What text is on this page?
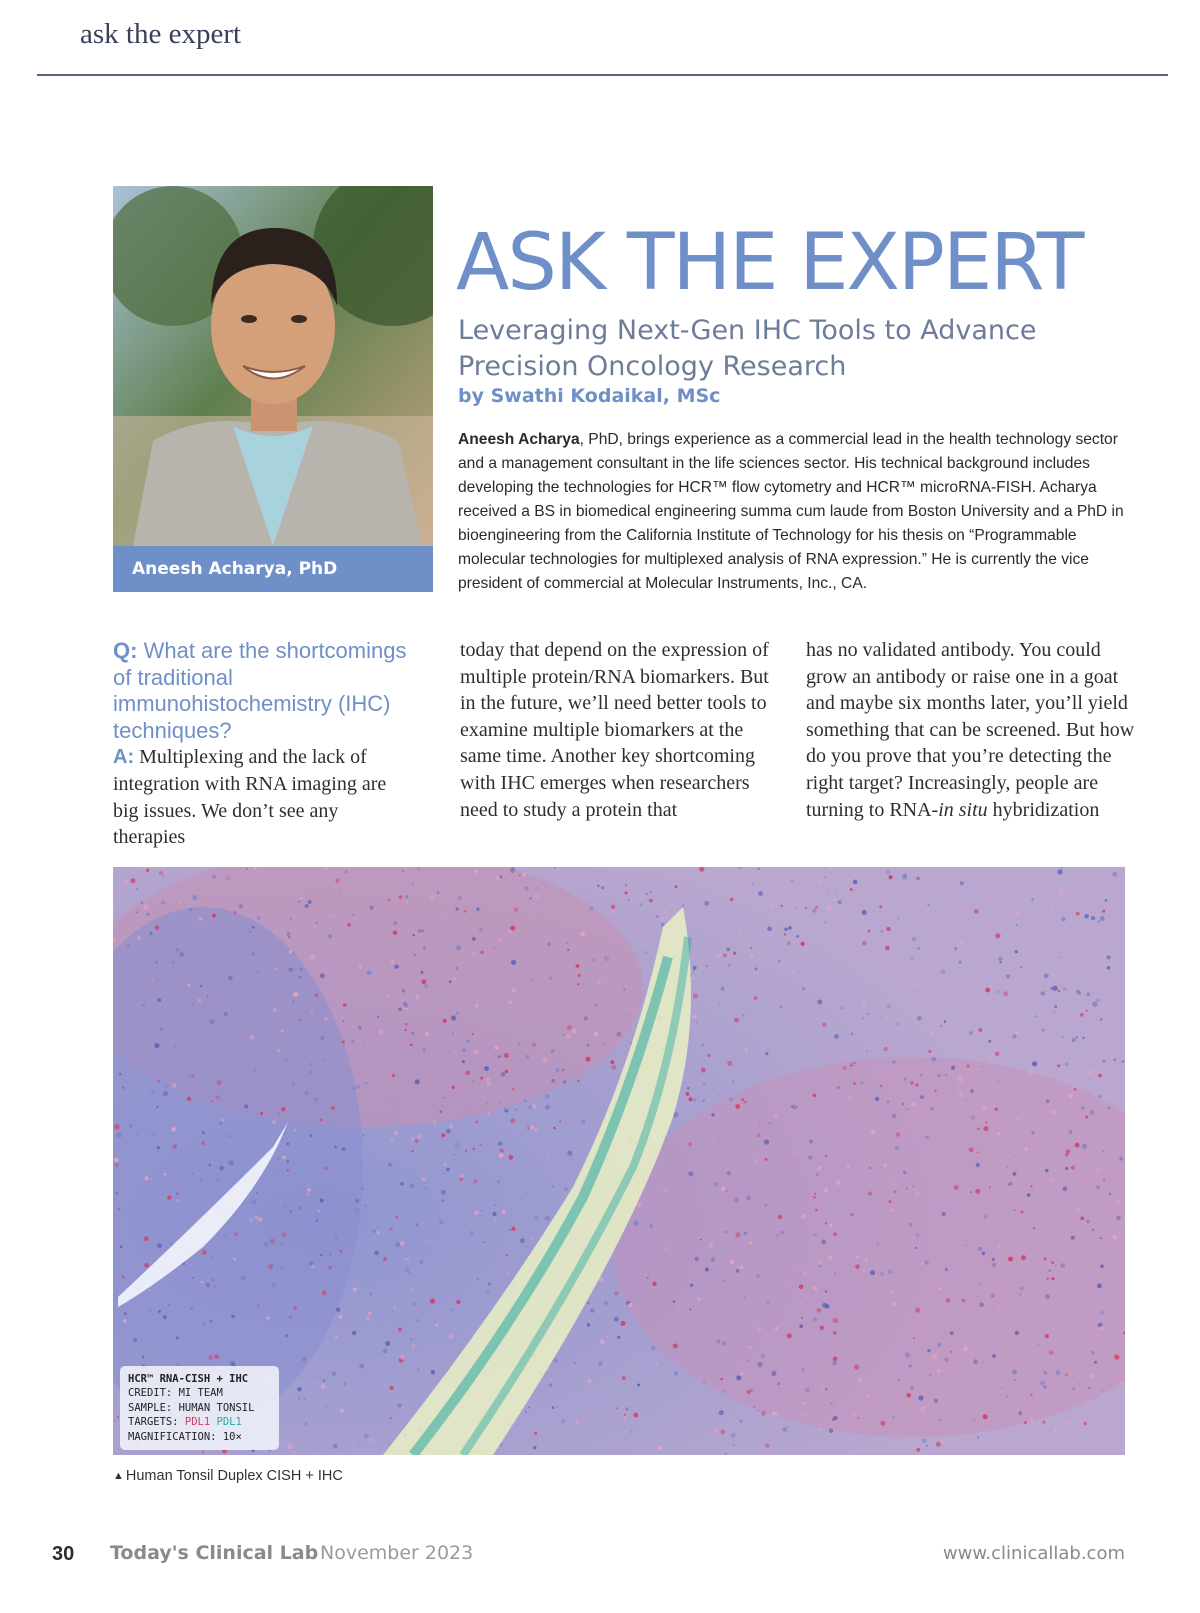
ask the expert
Aneesh Acharya, PhD
ASK THE EXPERT
Leveraging Next-Gen IHC Tools to Advance Precision Oncology Research
by Swathi Kodaikal, MSc

Aneesh Acharya, PhD, brings experience as a commercial lead in the health technology sector and a management consultant in the life sciences sector. His technical background includes developing the technologies for HCR™ flow cytometry and HCR™ microRNA-FISH. Acharya received a BS in biomedical engineering summa cum laude from Boston University and a PhD in bioengineering from the California Institute of Technology for his thesis on “Programmable molecular technologies for multiplexed analysis of RNA expression.” He is currently the vice president of commercial at Molecular Instruments, Inc., CA.

Q: What are the shortcomings of traditional immunohistochemistry (IHC) techniques?

A: Multiplexing and the lack of integration with RNA imaging are big issues. We don’t see any therapies

today that depend on the expression of multiple protein/RNA biomarkers. But in the future, we’ll need better tools to examine multiple biomarkers at the same time. Another key shortcoming with IHC emerges when researchers need to study a protein that

has no validated antibody. You could grow an antibody or raise one in a goat and maybe six months later, you’ll yield something that can be screened. But how do you prove that you’re detecting the right target? Increasingly, people are turning to RNA-in situ hybridization

HCR™ RNA-CISH + IHC
CREDIT: MI TEAM
SAMPLE: HUMAN TONSIL
TARGETS: PDL1 PDL1
MAGNIFICATION: 10×
▲ Human Tonsil Duplex CISH + IHC
30 Today's Clinical Lab November 2023	www.clinicallab.com
